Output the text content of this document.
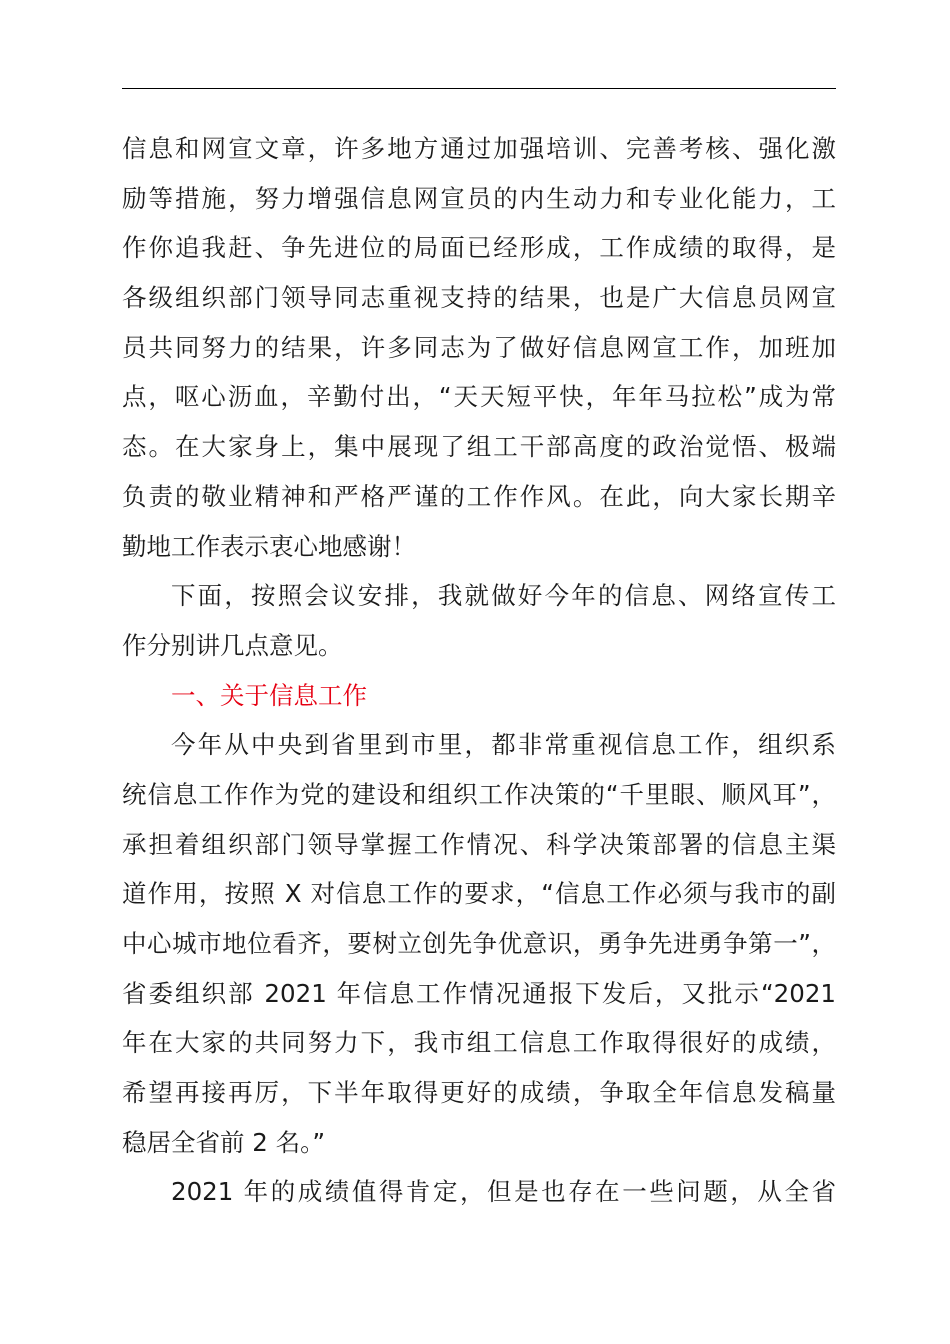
信息和网宣文章，许多地方通过加强培训、完善考核、强化激
励等措施，努力增强信息网宣员的内生动力和专业化能力，工
作你追我赶、争先进位的局面已经形成，工作成绩的取得，是
各级组织部门领导同志重视支持的结果，也是广大信息员网宣
员共同努力的结果，许多同志为了做好信息网宣工作，加班加
点，呕心沥血，辛勤付出，“天天短平快，年年马拉松”成为常
态。在大家身上，集中展现了组工干部高度的政治觉悟、极端
负责的敬业精神和严格严谨的工作作风。在此，向大家长期辛
勤地工作表示衷心地感谢！
下面，按照会议安排，我就做好今年的信息、网络宣传工
作分别讲几点意见。
一、关于信息工作
今年从中央到省里到市里，都非常重视信息工作，组织系
统信息工作作为党的建设和组织工作决策的“千里眼、顺风耳”，
承担着组织部门领导掌握工作情况、科学决策部署的信息主渠
道作用，按照 X 对信息工作的要求，“信息工作必须与我市的副
中心城市地位看齐，要树立创先争优意识，勇争先进勇争第一”，
省委组织部 2021 年信息工作情况通报下发后，又批示“2021
年在大家的共同努力下，我市组工信息工作取得很好的成绩，
希望再接再厉，下半年取得更好的成绩，争取全年信息发稿量
稳居全省前 2 名。”
2021 年的成绩值得肯定，但是也存在一些问题，从全省
